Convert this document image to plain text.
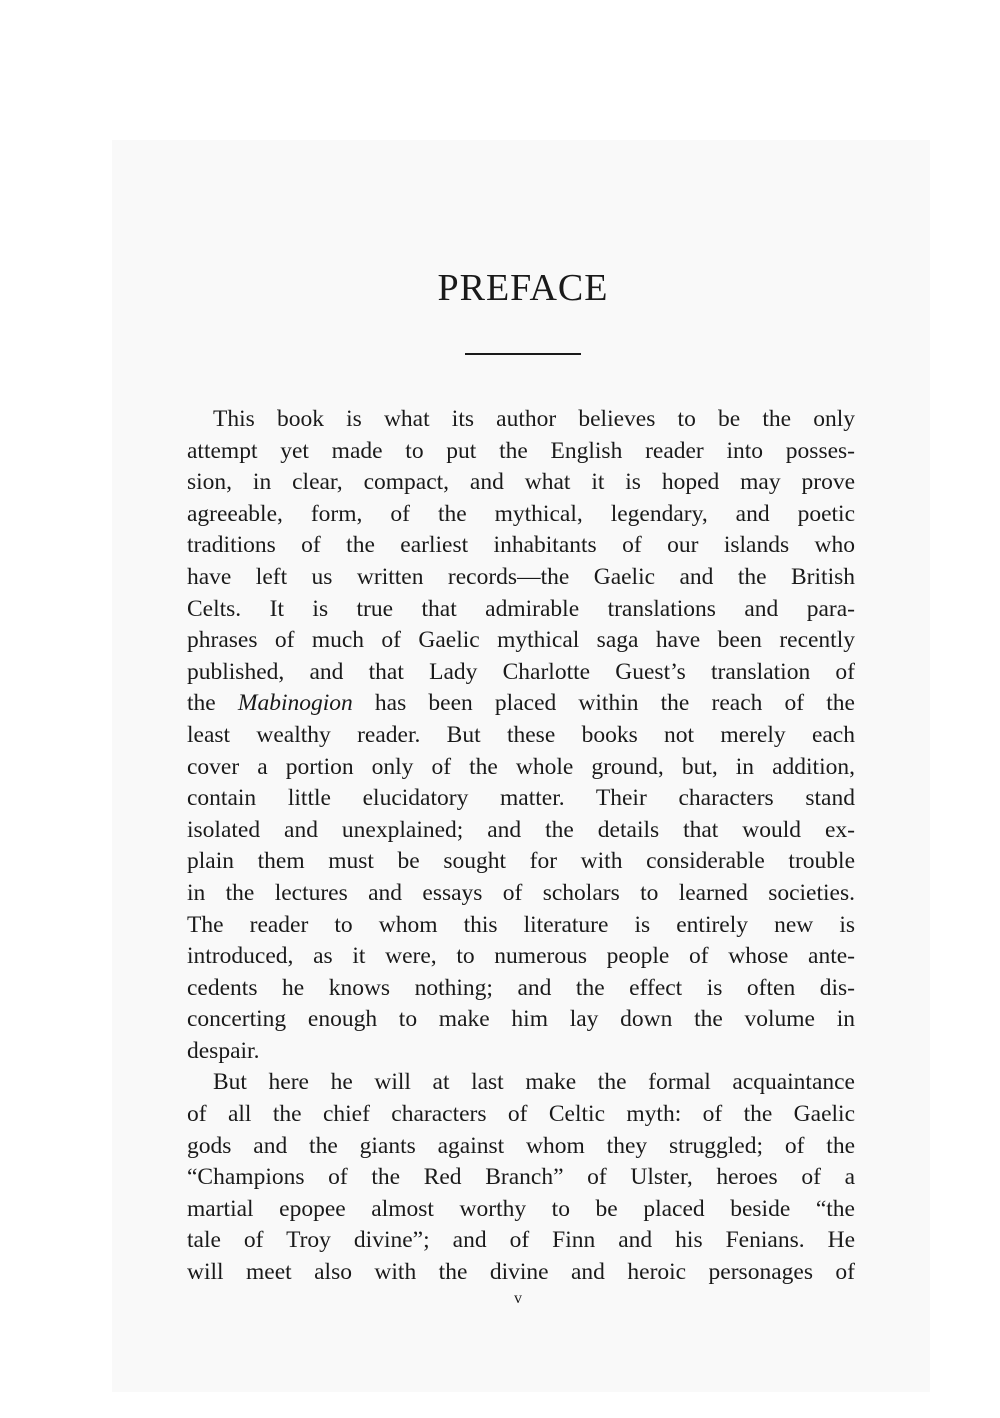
PREFACE
This book is what its author believes to be the only
attempt yet made to put the English reader into posses-
sion, in clear, compact, and what it is hoped may prove
agreeable, form, of the mythical, legendary, and poetic
traditions of the earliest inhabitants of our islands who
have left us written records—the Gaelic and the British
Celts. It is true that admirable translations and para-
phrases of much of Gaelic mythical saga have been recently
published, and that Lady Charlotte Guest’s translation of
the Mabinogion has been placed within the reach of the
least wealthy reader. But these books not merely each
cover a portion only of the whole ground, but, in addition,
contain little elucidatory matter. Their characters stand
isolated and unexplained; and the details that would ex-
plain them must be sought for with considerable trouble
in the lectures and essays of scholars to learned societies.
The reader to whom this literature is entirely new is
introduced, as it were, to numerous people of whose ante-
cedents he knows nothing; and the effect is often dis-
concerting enough to make him lay down the volume in
despair.
But here he will at last make the formal acquaintance
of all the chief characters of Celtic myth: of the Gaelic
gods and the giants against whom they struggled; of the
“Champions of the Red Branch” of Ulster, heroes of a
martial epopee almost worthy to be placed beside “the
tale of Troy divine”; and of Finn and his Fenians. He
will meet also with the divine and heroic personages of
v
